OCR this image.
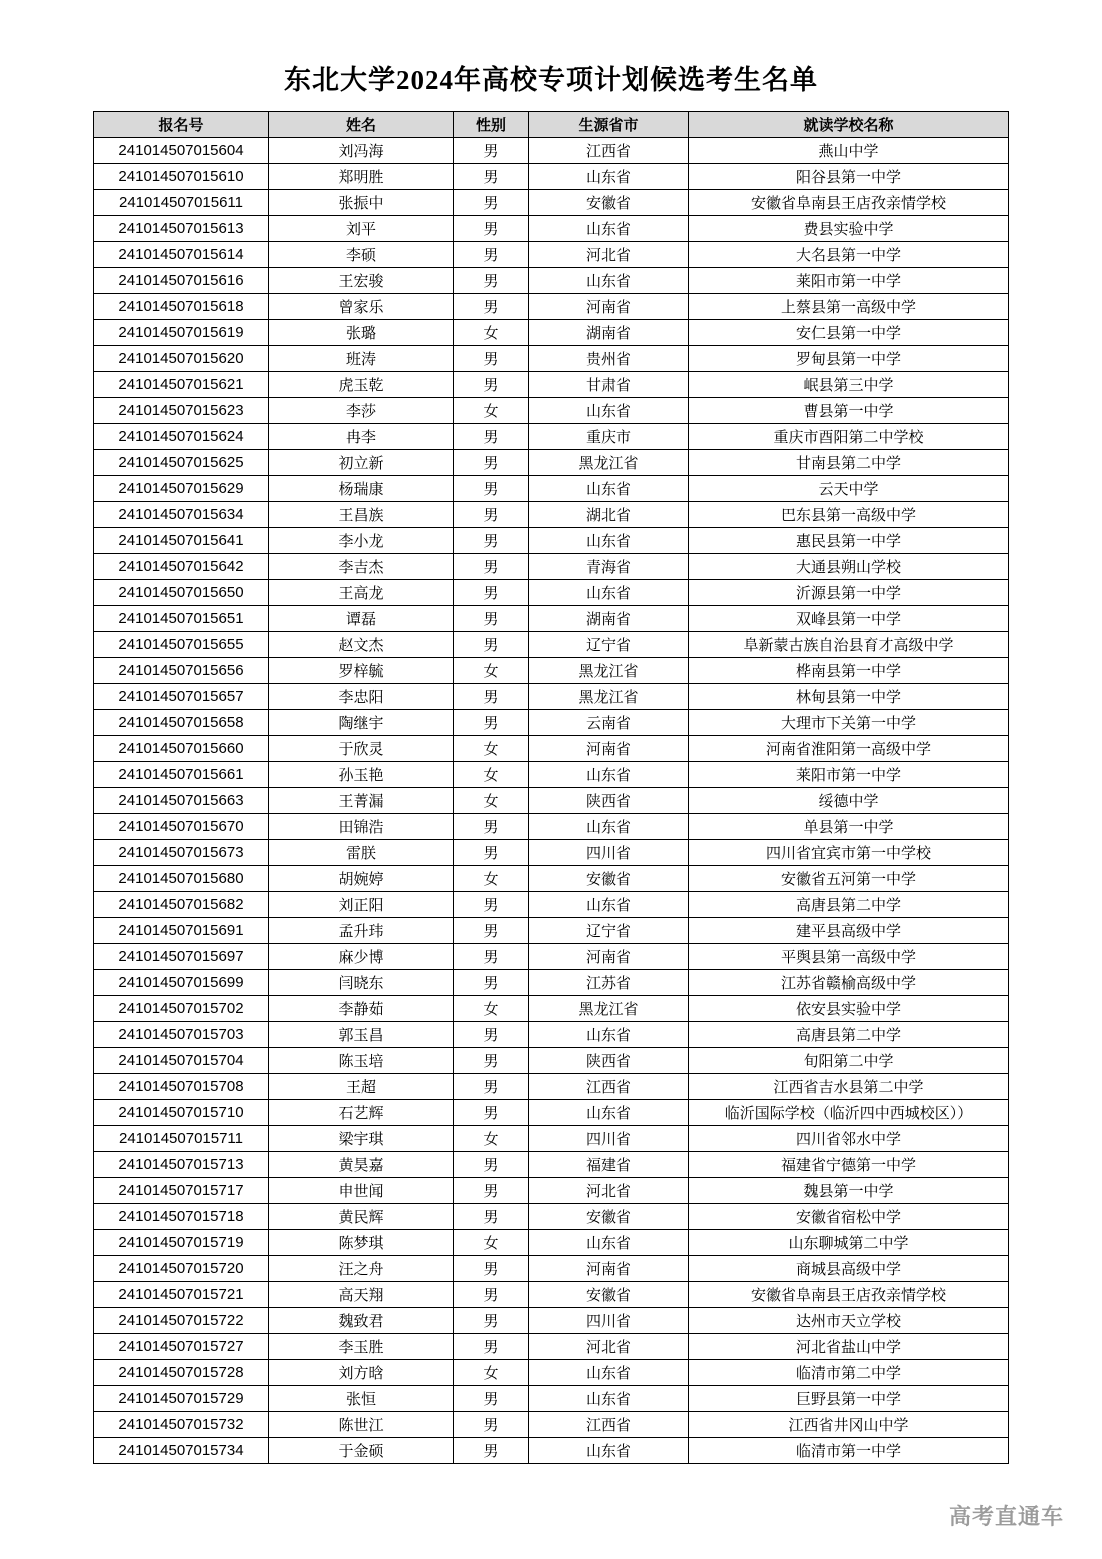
东北大学2024年高校专项计划候选考生名单
报名号	姓名	性别	生源省市	就读学校名称
241014507015604	刘冯海	男	江西省	燕山中学
241014507015610	郑明胜	男	山东省	阳谷县第一中学
241014507015611	张振中	男	安徽省	安徽省阜南县王店孜亲情学校
241014507015613	刘平	男	山东省	费县实验中学
241014507015614	李硕	男	河北省	大名县第一中学
241014507015616	王宏骏	男	山东省	莱阳市第一中学
241014507015618	曾家乐	男	河南省	上蔡县第一高级中学
241014507015619	张璐	女	湖南省	安仁县第一中学
241014507015620	班涛	男	贵州省	罗甸县第一中学
241014507015621	虎玉乾	男	甘肃省	岷县第三中学
241014507015623	李莎	女	山东省	曹县第一中学
241014507015624	冉李	男	重庆市	重庆市酉阳第二中学校
241014507015625	初立新	男	黑龙江省	甘南县第二中学
241014507015629	杨瑞康	男	山东省	云天中学
241014507015634	王昌族	男	湖北省	巴东县第一高级中学
241014507015641	李小龙	男	山东省	惠民县第一中学
241014507015642	李吉杰	男	青海省	大通县朔山学校
241014507015650	王高龙	男	山东省	沂源县第一中学
241014507015651	谭磊	男	湖南省	双峰县第一中学
241014507015655	赵文杰	男	辽宁省	阜新蒙古族自治县育才高级中学
241014507015656	罗梓毓	女	黑龙江省	桦南县第一中学
241014507015657	李忠阳	男	黑龙江省	林甸县第一中学
241014507015658	陶继宇	男	云南省	大理市下关第一中学
241014507015660	于欣灵	女	河南省	河南省淮阳第一高级中学
241014507015661	孙玉艳	女	山东省	莱阳市第一中学
241014507015663	王菁漏	女	陕西省	绥德中学
241014507015670	田锦浩	男	山东省	单县第一中学
241014507015673	雷朕	男	四川省	四川省宜宾市第一中学校
241014507015680	胡婉婷	女	安徽省	安徽省五河第一中学
241014507015682	刘正阳	男	山东省	高唐县第二中学
241014507015691	孟升玮	男	辽宁省	建平县高级中学
241014507015697	麻少博	男	河南省	平舆县第一高级中学
241014507015699	闫晓东	男	江苏省	江苏省赣榆高级中学
241014507015702	李静茹	女	黑龙江省	依安县实验中学
241014507015703	郭玉昌	男	山东省	高唐县第二中学
241014507015704	陈玉培	男	陕西省	旬阳第二中学
241014507015708	王超	男	江西省	江西省吉水县第二中学
241014507015710	石艺辉	男	山东省	临沂国际学校（临沂四中西城校区））
241014507015711	梁宇琪	女	四川省	四川省邻水中学
241014507015713	黄昊嘉	男	福建省	福建省宁德第一中学
241014507015717	申世闻	男	河北省	魏县第一中学
241014507015718	黄民辉	男	安徽省	安徽省宿松中学
241014507015719	陈梦琪	女	山东省	山东聊城第二中学
241014507015720	汪之舟	男	河南省	商城县高级中学
241014507015721	高天翔	男	安徽省	安徽省阜南县王店孜亲情学校
241014507015722	魏致君	男	四川省	达州市天立学校
241014507015727	李玉胜	男	河北省	河北省盐山中学
241014507015728	刘方晗	女	山东省	临清市第二中学
241014507015729	张恒	男	山东省	巨野县第一中学
241014507015732	陈世江	男	江西省	江西省井冈山中学
241014507015734	于金硕	男	山东省	临清市第一中学
高考直通车
